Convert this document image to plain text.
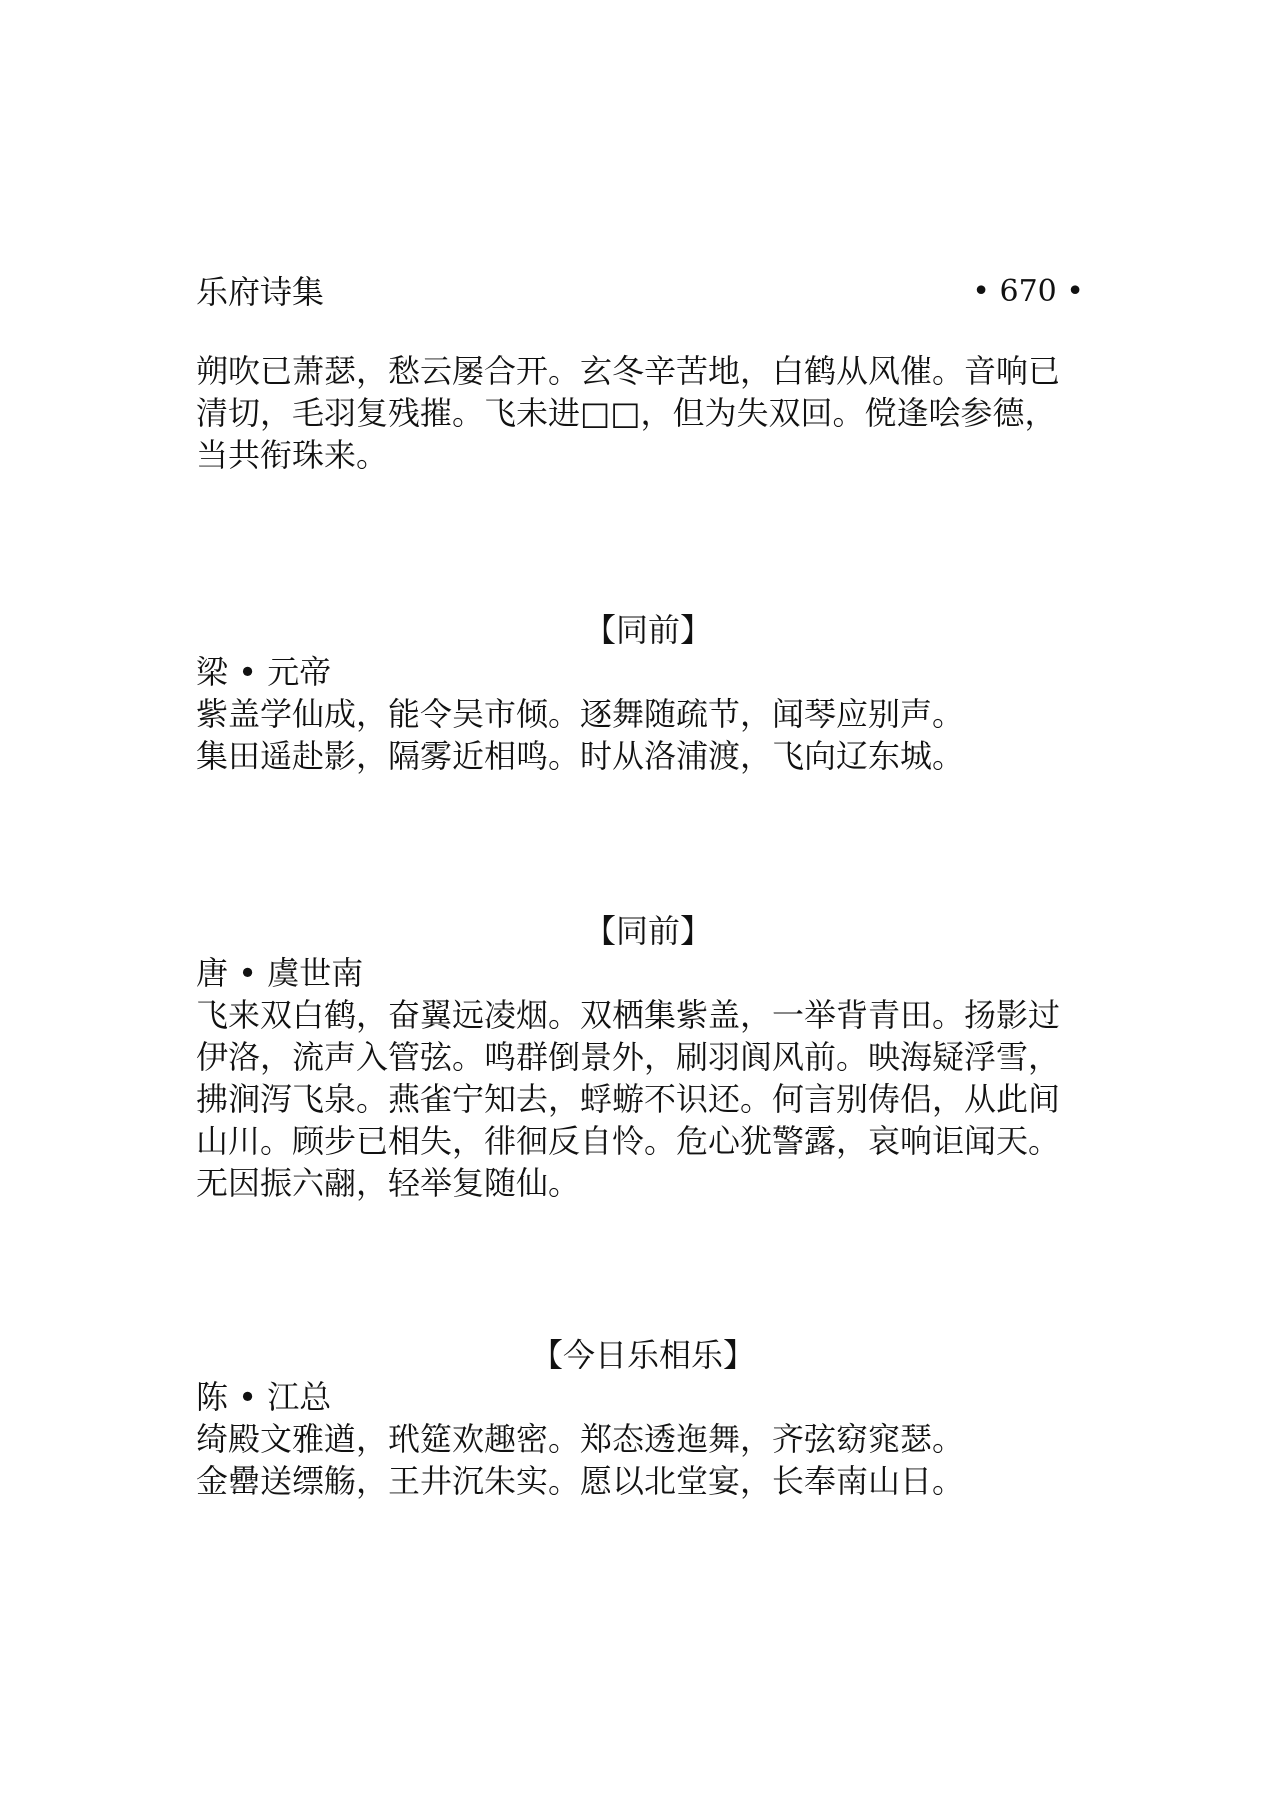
乐府诗集	• 670 •
朔吹已萧瑟，愁云屡合开。玄冬辛苦地，白鹤从风催。音响已
清切，毛羽复残摧。飞未进□□，但为失双回。傥逢哙参德，
当共衔珠来。
【同前】
梁 • 元帝
紫盖学仙成，能令吴市倾。逐舞随疏节，闻琴应别声。
集田遥赴影，隔雾近相鸣。时从洛浦渡，飞向辽东城。
【同前】
唐 • 虞世南
飞来双白鹤，奋翼远凌烟。双栖集紫盖，一举背青田。扬影过
伊洛，流声入管弦。鸣群倒景外，刷羽阆风前。映海疑浮雪，
拂涧泻飞泉。燕雀宁知去，蜉蝣不识还。何言别俦侣，从此间
山川。顾步已相失，徘徊反自怜。危心犹警露，哀响讵闻天。
无因振六翮，轻举复随仙。
【今日乐相乐】
陈 • 江总
绮殿文雅遒，玳筵欢趣密。郑态透迤舞，齐弦窈窕瑟。
金罍送缥觞，王井沉朱实。愿以北堂宴，长奉南山日。
